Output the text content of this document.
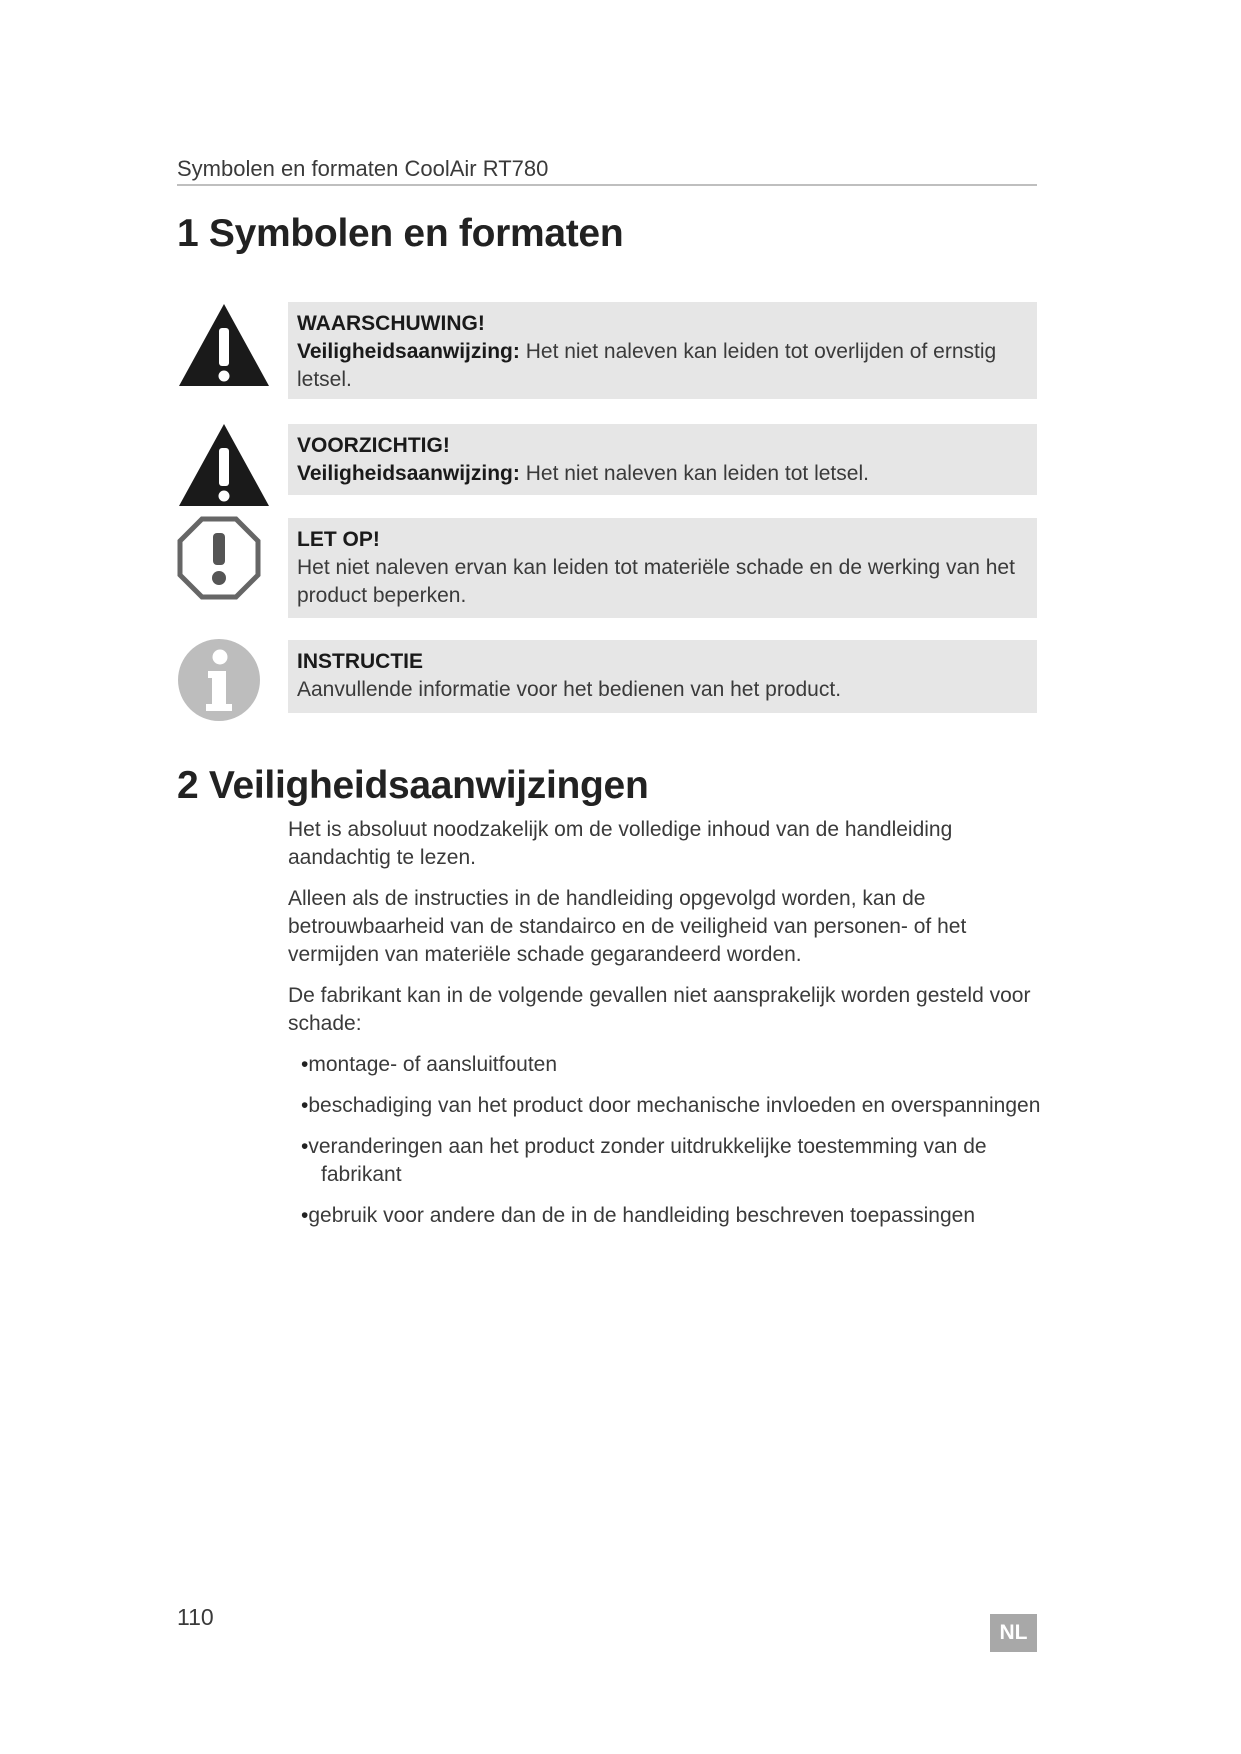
Symbolen en formaten CoolAir RT780
1 Symbolen en formaten
WAARSCHUWING!
Veiligheidsaanwijzing: Het niet naleven kan leiden tot overlijden of ernstig letsel.
VOORZICHTIG!
Veiligheidsaanwijzing: Het niet naleven kan leiden tot letsel.
LET OP!
Het niet naleven ervan kan leiden tot materiële schade en de werking van het product beperken.
INSTRUCTIE
Aanvullende informatie voor het bedienen van het product.
2 Veiligheidsaanwijzingen

Het is absoluut noodzakelijk om de volledige inhoud van de handleiding aandachtig te lezen.

Alleen als de instructies in de handleiding opgevolgd worden, kan de betrouwbaarheid van de standairco en de veiligheid van personen- of het vermijden van materiële schade gegarandeerd worden.

De fabrikant kan in de volgende gevallen niet aansprakelijk worden gesteld voor schade:

•montage- of aansluitfouten
•beschadiging van het product door mechanische invloeden en overspanningen
•veranderingen aan het product zonder uitdrukkelijke toestemming van de fabrikant
•gebruik voor andere dan de in de handleiding beschreven toepassingen
110
NL
